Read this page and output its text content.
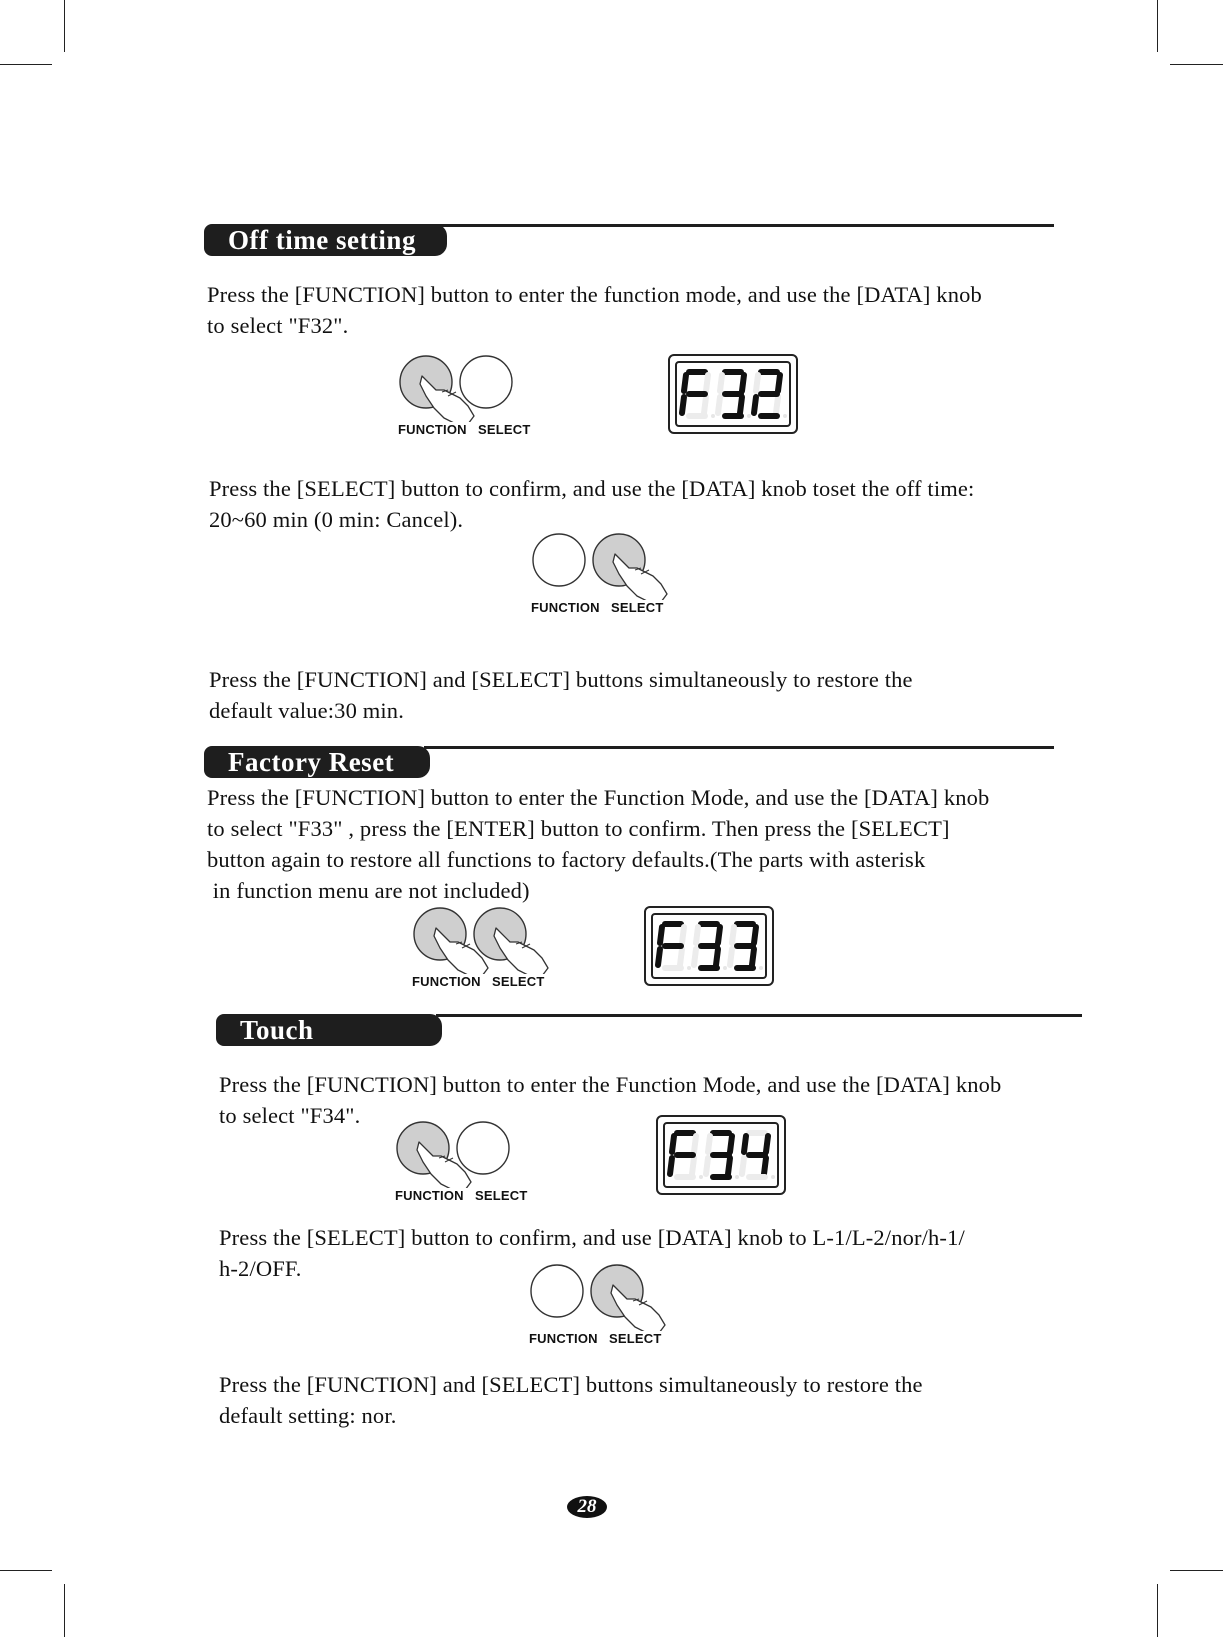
Off time setting

Press the [FUNCTION] button to enter the function mode, and use the [DATA] knob
to select "F32".

FUNCTION SELECT

Press the [SELECT] button to confirm, and use the [DATA] knob toset the off time:
20~60 min (0 min: Cancel).

FUNCTION SELECT

Press the [FUNCTION] and [SELECT] buttons simultaneously to restore the
default value:30 min.

Factory Reset

Press the [FUNCTION] button to enter the Function Mode, and use the [DATA] knob
to select "F33" , press the [ENTER] button to confirm. Then press the [SELECT]
button again to restore all functions to factory defaults.(The parts with asterisk
in function menu are not included)

FUNCTION SELECT
Touch

Press the [FUNCTION] button to enter the Function Mode, and use the [DATA] knob
to select "F34".

FUNCTION SELECT

Press the [SELECT] button to confirm, and use [DATA] knob to L-1/L-2/nor/h-1/
h-2/OFF.

FUNCTION SELECT

Press the [FUNCTION] and [SELECT] buttons simultaneously to restore the
default setting: nor.

28
